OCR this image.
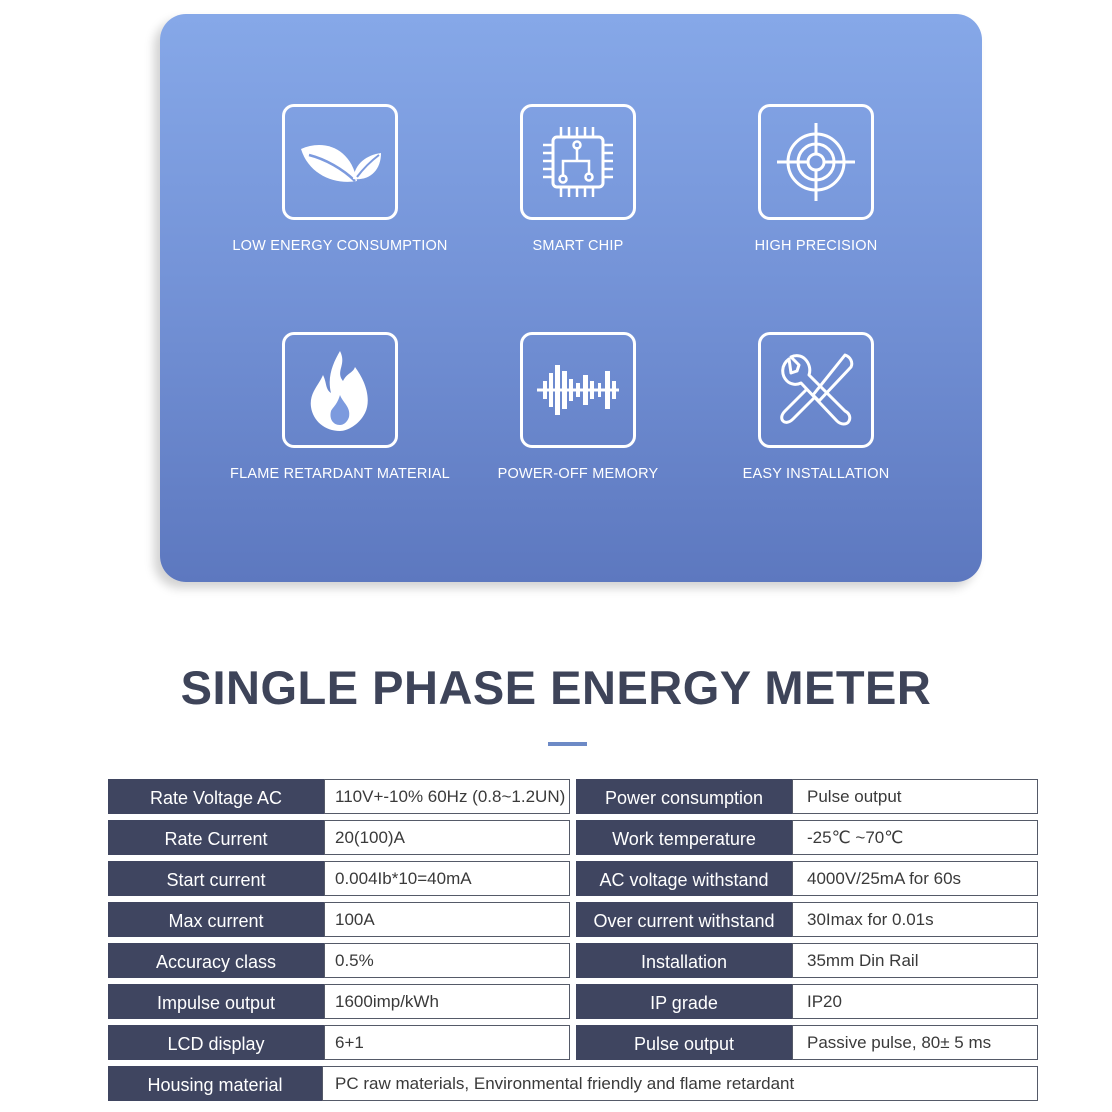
LOW ENERGY CONSUMPTION	SMART CHIP	HIGH PRECISION
FLAME RETARDANT MATERIAL	POWER-OFF MEMORY	EASY INSTALLATION
SINGLE PHASE ENERGY METER
Rate Voltage AC	110V+-10% 60Hz (0.8~1.2UN)	Power consumption	Pulse output
Rate Current	20(100)A	Work temperature	-25℃ ~70℃
Start current	0.004Ib*10=40mA	AC voltage withstand	4000V/25mA for 60s
Max current	100A	Over current withstand	30Imax for 0.01s
Accuracy class	0.5%	Installation	35mm Din Rail
Impulse output	1600imp/kWh	IP grade	IP20
LCD display	6+1	Pulse output	Passive pulse, 80± 5 ms
Housing material	PC raw materials, Environmental friendly and flame retardant
